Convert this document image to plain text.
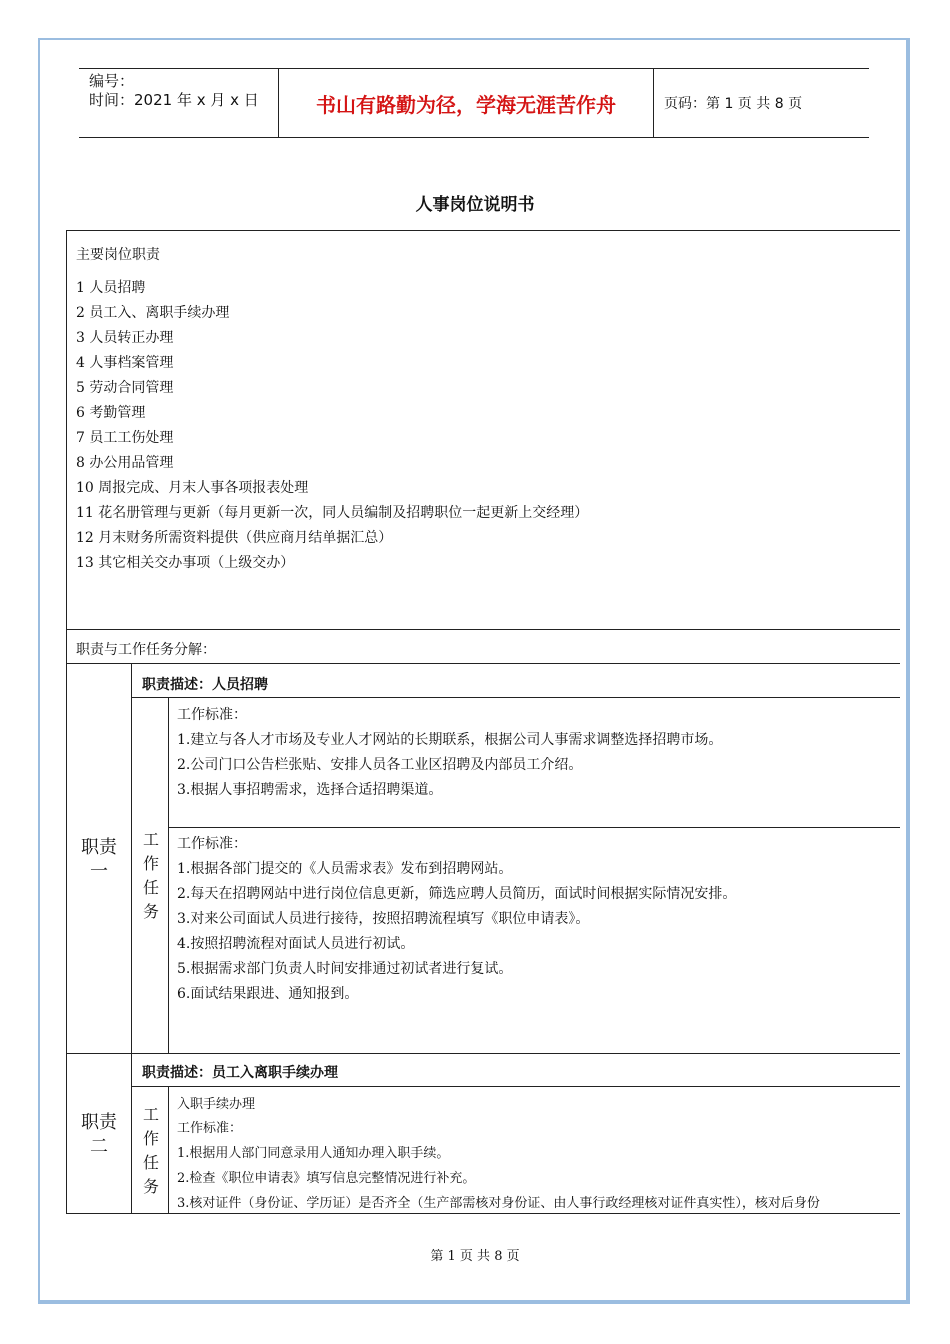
编号：
时间：2021 年 x 月 x 日	书山有路勤为径，学海无涯苦作舟	页码：第 1 页 共 8 页
人事岗位说明书
主要岗位职责
1 人员招聘
2 员工入、离职手续办理
3 人员转正办理
4 人事档案管理
5 劳动合同管理
6 考勤管理
7 员工工伤处理
8 办公用品管理
10 周报完成、月末人事各项报表处理
11 花名册管理与更新（每月更新一次，同人员编制及招聘职位一起更新上交经理）
12 月末财务所需资料提供（供应商月结单据汇总）
13 其它相关交办事项（上级交办）
职责与工作任务分解：
职责
一
职责描述：人员招聘
工
作
任
务
工作标准：
1.建立与各人才市场及专业人才网站的长期联系，根据公司人事需求调整选择招聘市场。
2.公司门口公告栏张贴、安排人员各工业区招聘及内部员工介绍。
3.根据人事招聘需求，选择合适招聘渠道。
工作标准：
1.根据各部门提交的《人员需求表》发布到招聘网站。
2.每天在招聘网站中进行岗位信息更新，筛选应聘人员简历，面试时间根据实际情况安排。
3.对来公司面试人员进行接待，按照招聘流程填写《职位申请表》。
4.按照招聘流程对面试人员进行初试。
5.根据需求部门负责人时间安排通过初试者进行复试。
6.面试结果跟进、通知报到。
职责
二
职责描述：员工入离职手续办理
工
作
任
务
入职手续办理
工作标准：
1.根据用人部门同意录用人通知办理入职手续。
2.检查《职位申请表》填写信息完整情况进行补充。
3.核对证件（身份证、学历证）是否齐全（生产部需核对身份证、由人事行政经理核对证件真实性），核对后身份
第 1 页 共 8 页
